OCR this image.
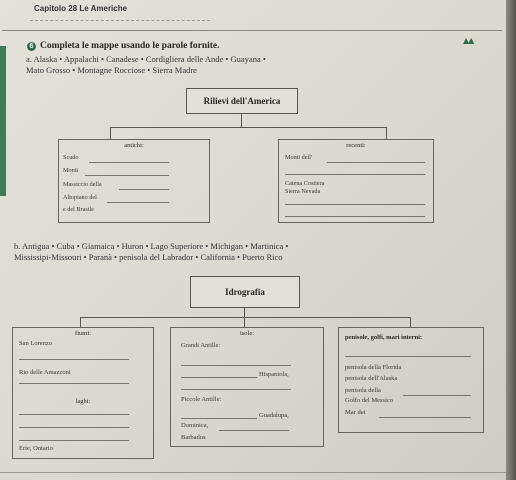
Capitolo 28 Le Americhe
6 Completa le mappe usando le parole fornite.
▲▲
a. Alaska • Appalachi • Canadese • Cordigliera delle Ande • Guayana •
Mato Grosso • Montagne Rocciose • Sierra Madre
Rilievi dell'America
antichi:
Scudo
Monti
Massiccio della
Altopiano del
e del Brasile
recenti:
Monti dell'
Catena Costiera
Sierra Nevada
b. Antigua • Cuba • Giamaica • Huron • Lago Superiore • Michigan • Martinica •
Mississipi-Missouri • Paranà • penisola del Labrador • California • Puerto Rico
Idrografia
fiumi:
San Lorenzo
Rio delle Amazzoni
laghi:
Erie, Ontario
isole:
Grandi Antille:
Hispaniola,
Piccole Antille:
Guadalupa,
Dominica,
Barbados
penisole, golfi, mari interni:
penisola della Florida
penisola dell'Alaska
penisola della
Golfo del Messico
Mar dei
